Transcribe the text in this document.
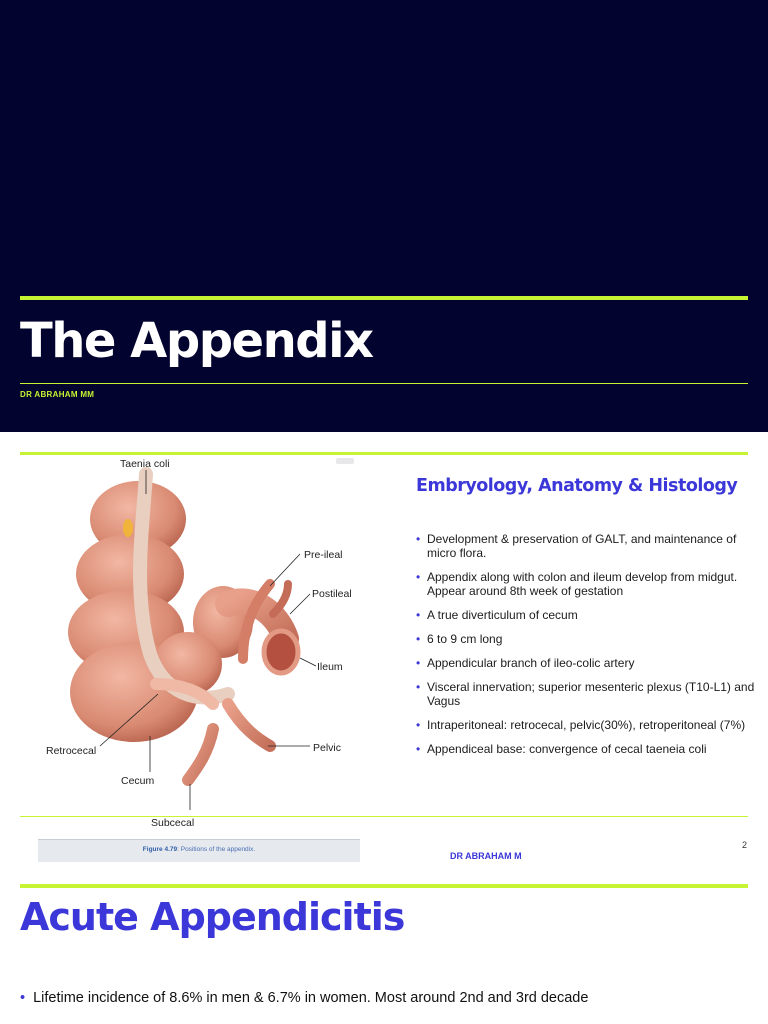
The Appendix
DR ABRAHAM MM
Taenia coli
Pre-ileal
Postileal
Ileum
Retrocecal	Pelvic
Cecum
Subcecal
Figure 4.79: Positions of the appendix.
Embryology, Anatomy & Histology
• Development & preservation of GALT, and maintenance of micro flora.
• Appendix along with colon and ileum develop from midgut. Appear around 8th week of gestation
• A true diverticulum of cecum
• 6 to 9 cm long
• Appendicular branch of ileo-colic artery
• Visceral innervation; superior mesenteric plexus (T10-L1) and Vagus
• Intraperitoneal: retrocecal, pelvic(30%), retroperitoneal (7%)
• Appendiceal base: convergence of cecal taeneia coli
DR ABRAHAM M
2
Acute Appendicitis
• Lifetime incidence of 8.6% in men & 6.7% in women. Most around 2nd and 3rd decade
